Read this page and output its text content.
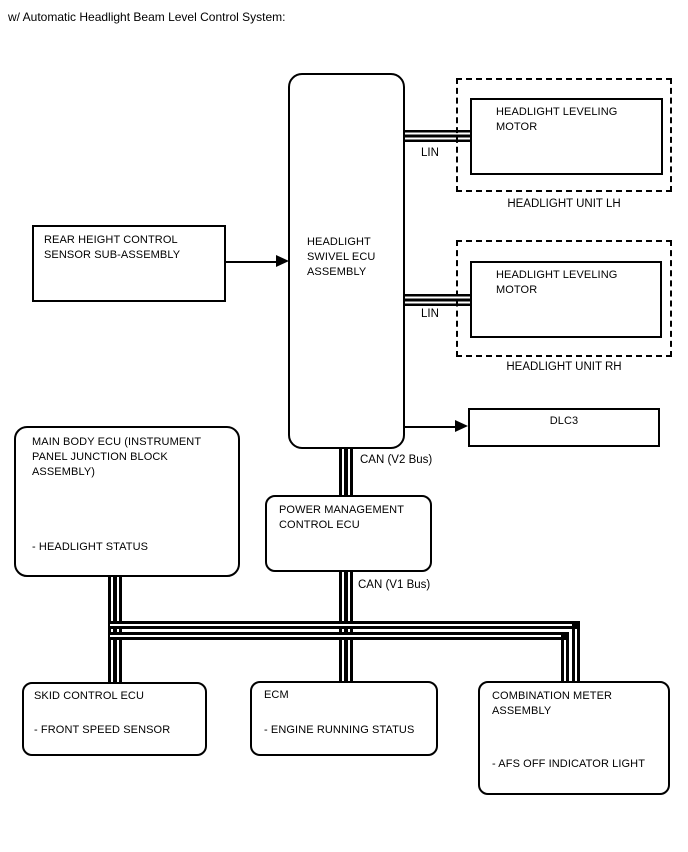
w/ Automatic Headlight Beam Level Control System:
HEADLIGHT SWIVEL ECU ASSEMBLY
REAR HEIGHT CONTROL SENSOR SUB-ASSEMBLY
HEADLIGHT LEVELING MOTOR
HEADLIGHT UNIT LH
LIN
HEADLIGHT LEVELING MOTOR
HEADLIGHT UNIT RH
LIN
DLC3
CAN (V2 Bus)
POWER MANAGEMENT CONTROL ECU
CAN (V1 Bus)
MAIN BODY ECU (INSTRUMENT PANEL JUNCTION BLOCK ASSEMBLY)
- HEADLIGHT STATUS
SKID CONTROL ECU
- FRONT SPEED SENSOR
ECM
- ENGINE RUNNING STATUS
COMBINATION METER ASSEMBLY
- AFS OFF INDICATOR LIGHT
